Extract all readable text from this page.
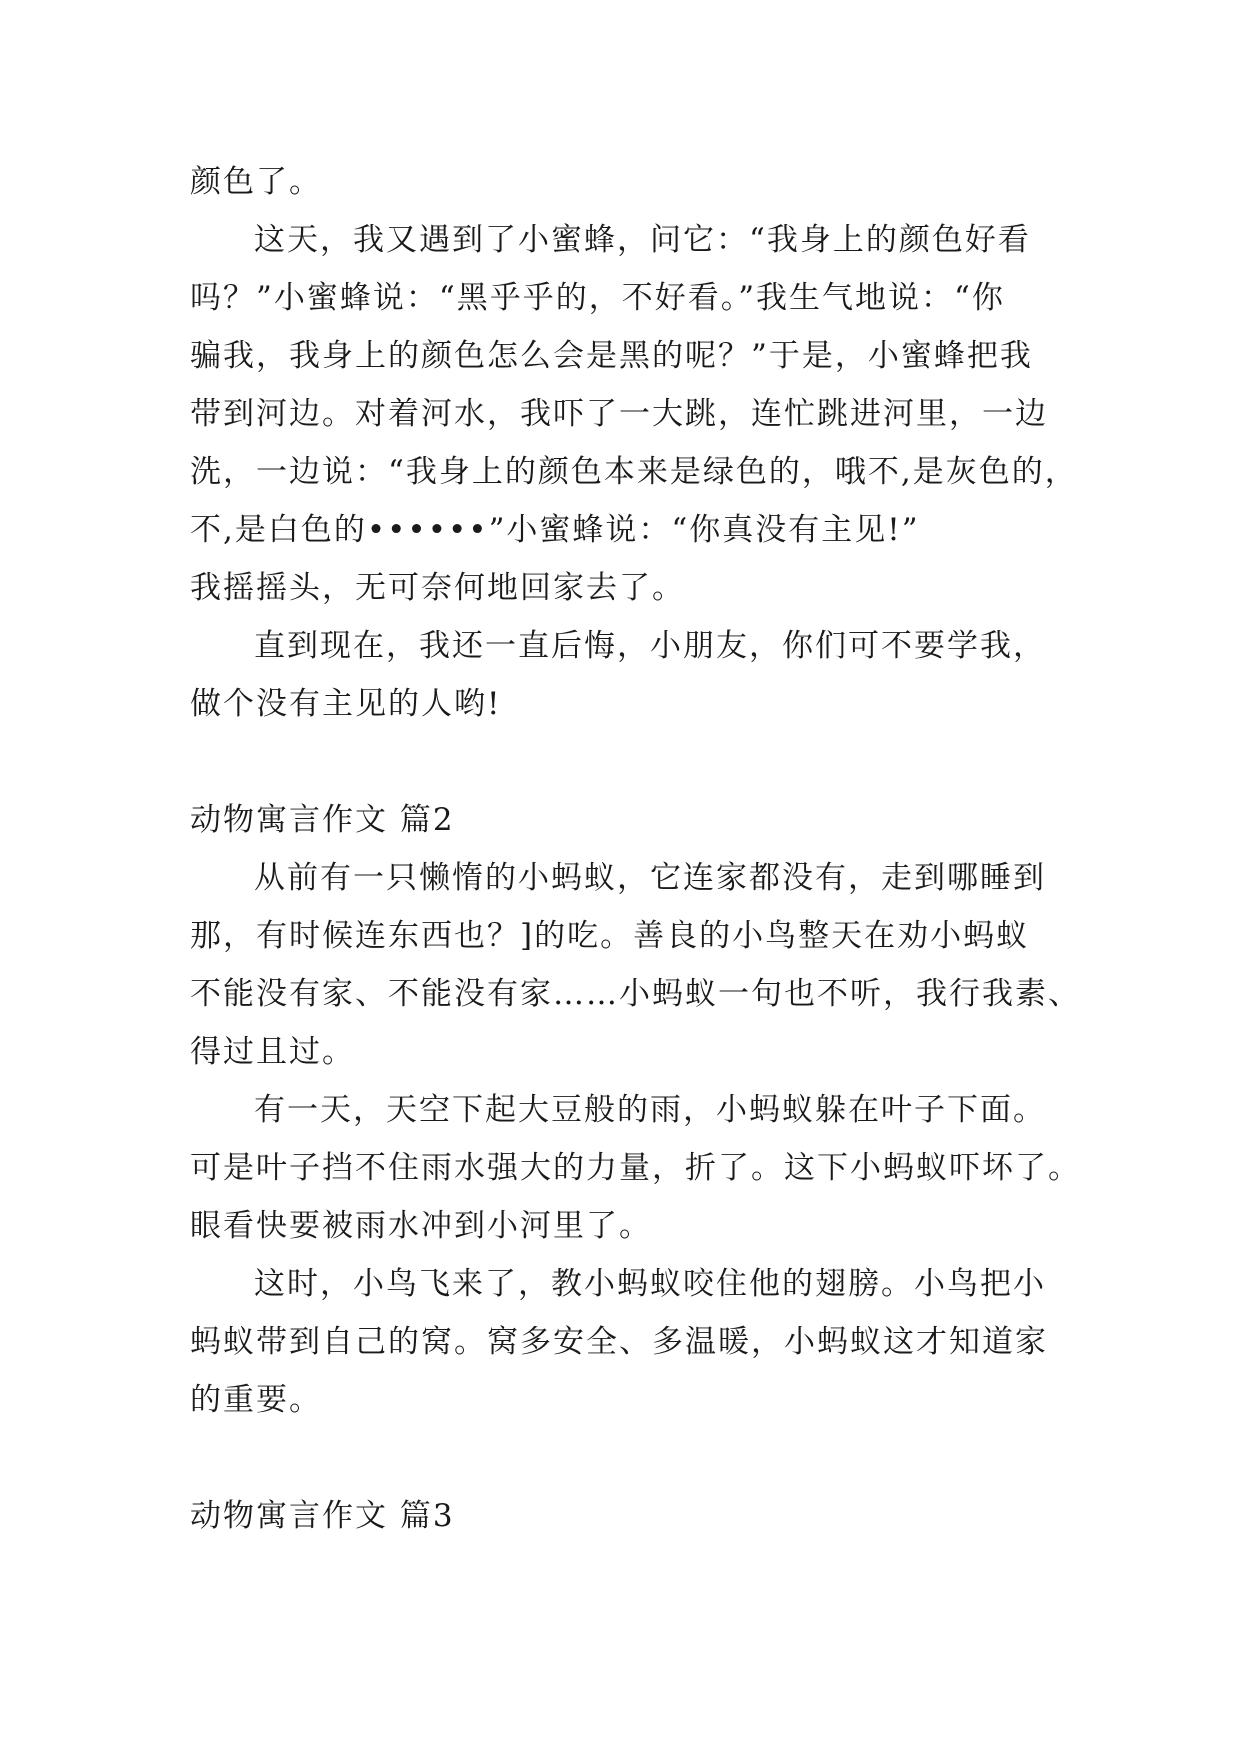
颜色了。
这天，我又遇到了小蜜蜂，问它：“我身上的颜色好看
吗？”小蜜蜂说：“黑乎乎的，不好看。”我生气地说：“你
骗我，我身上的颜色怎么会是黑的呢？”于是，小蜜蜂把我
带到河边。对着河水，我吓了一大跳，连忙跳进河里，一边
洗，一边说：“我身上的颜色本来是绿色的，哦不,是灰色的，
不,是白色的••••••”小蜜蜂说：“你真没有主见!”
我摇摇头，无可奈何地回家去了。
直到现在，我还一直后悔，小朋友，你们可不要学我，
做个没有主见的人哟!
动物寓言作文 篇2
从前有一只懒惰的小蚂蚁，它连家都没有，走到哪睡到
那，有时候连东西也？]的吃。善良的小鸟整天在劝小蚂蚁
不能没有家、不能没有家……小蚂蚁一句也不听，我行我素、
得过且过。
有一天，天空下起大豆般的雨，小蚂蚁躲在叶子下面。
可是叶子挡不住雨水强大的力量，折了。这下小蚂蚁吓坏了。
眼看快要被雨水冲到小河里了。
这时，小鸟飞来了，教小蚂蚁咬住他的翅膀。小鸟把小
蚂蚁带到自己的窝。窝多安全、多温暖，小蚂蚁这才知道家
的重要。
动物寓言作文 篇3
